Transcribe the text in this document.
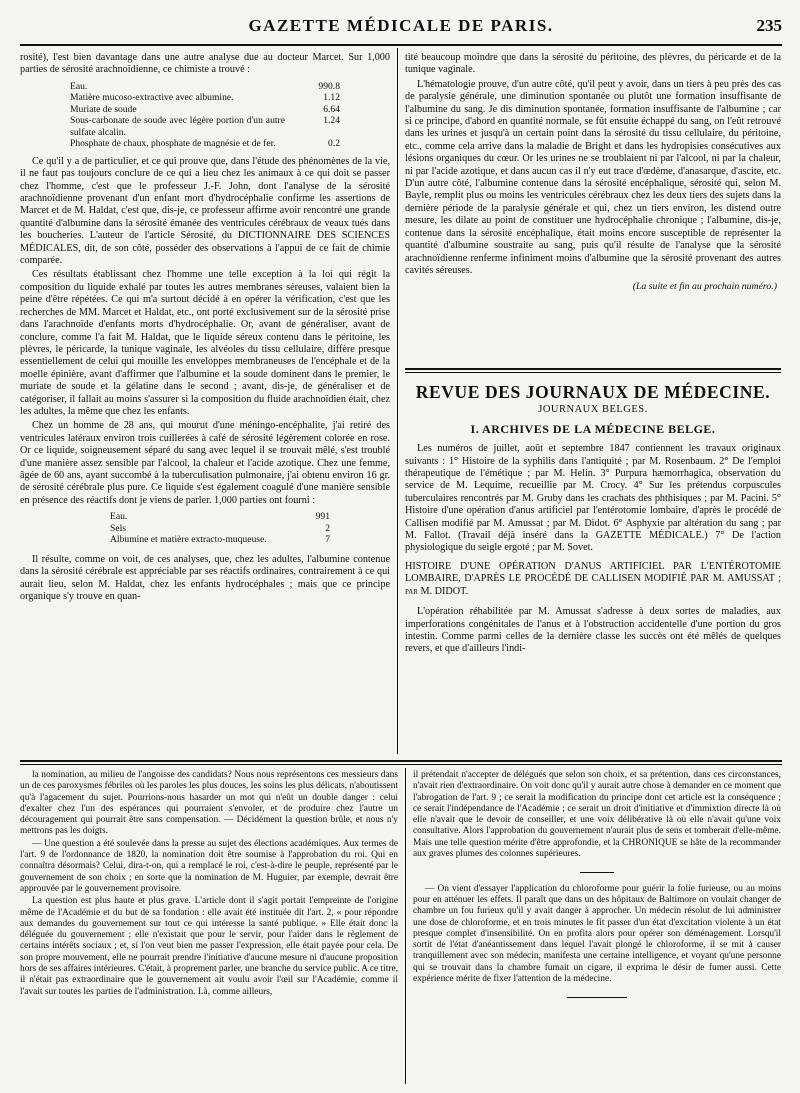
GAZETTE MÉDICALE DE PARIS.	235

rosité), l'est bien davantage dans une autre analyse due au docteur Marcet. Sur 1,000 parties de sérosité arachnoïdienne, ce chimiste a trouvé :

Eau.	990.8
Matière mucoso-extractive avec albumine.	1.12
Muriate de soude	6.64
Sous-carbonate de soude avec légère portion d'un autre sulfate alcalin.
1.24
Phosphate de chaux, phosphate de magnésie et de fer.	0.2

Ce qu'il y a de particulier, et ce qui prouve que, dans l'étude des phénomènes de la vie, il ne faut pas toujours conclure de ce qui a lieu chez les animaux à ce qui doit se passer chez l'homme, c'est que le professeur J.-F. John, dont l'analyse de la sérosité arachnoïdienne provenant d'un enfant mort d'hydrocéphalie confirme les assertions de Marcet et de M. Haldat, c'est que, dis-je, ce professeur affirme avoir rencontré une grande quantité d'albumine dans la sérosité émanée des ventricules cérébraux de veaux tués dans les boucheries. L'auteur de l'article Sérosité, du DICTIONNAIRE DES SCIENCES MÉDICALES, dit, de son côté, posséder des observations à l'appui de ce fait de chimie comparée.

Ces résultats établissant chez l'homme une telle exception à la loi qui régit la composition du liquide exhalé par toutes les autres membranes séreuses, valaient bien la peine d'être répétées. Ce qui m'a surtout décidé à en opérer la vérification, c'est que les recherches de MM. Marcet et Haldat, etc., ont porté exclusivement sur de la sérosité prise dans l'arachnoïde d'enfants morts d'hydrocéphalie. Or, avant de généraliser, avant de conclure, comme l'a fait M. Haldat, que le liquide séreux contenu dans le péritoine, les plèvres, le péricarde, la tunique vaginale, les alvéoles du tissu cellulaire, diffère presque essentiellement de celui qui mouille les enveloppes membraneuses de l'encéphale et de la moelle épinière, avant d'affirmer que l'albumine et la soude dominent dans le premier, le muriate de soude et la gélatine dans le second ; avant, dis-je, de généraliser et de catégoriser, il fallait au moins s'assurer si la composition du fluide arachnoïdien était, chez les adultes, la même que chez les enfants.

Chez un homme de 28 ans, qui mourut d'une méningo-encéphalite, j'ai retiré des ventricules latéraux environ trois cuillerées à café de sérosité légèrement colorée en rose. Or ce liquide, soigneusement séparé du sang avec lequel il se trouvait mêlé, s'est troublé d'une manière assez sensible par l'alcool, la chaleur et l'acide azotique. Chez une femme, âgée de 60 ans, ayant succombé à la tuberculisation pulmonaire, j'ai obtenu environ 16 gr. de sérosité cérébrale plus pure. Ce liquide s'est également coagulé d'une manière sensible en présence des réactifs dont je viens de parler. 1,000 parties ont fourni :

Eau.	991
Sels	2
Albumine et matière extracto-muqueuse.	7

Il résulte, comme on voit, de ces analyses, que, chez les adultes, l'albumine contenue dans la sérosité cérébrale est appréciable par ses réactifs ordinaires, contrairement à ce qui aurait lieu, selon M. Haldat, chez les enfants hydrocéphales ; mais que ce principe organique s'y trouve en quan-

tité beaucoup moindre que dans la sérosité du péritoine, des plèvres, du péricarde et de la tunique vaginale.

L'hématologie prouve, d'un autre côté, qu'il peut y avoir, dans un tiers à peu près des cas de paralysie générale, une diminution spontanée ou plutôt une formation insuffisante de l'albumine du sang. Je dis diminution spontanée, formation insuffisante de l'albumine ; car si ce principe, d'abord en quantité normale, se fût ensuite échappé du sang, on l'eût retrouvé dans les urines et jusqu'à un certain point dans la sérosité du tissu cellulaire, du péritoine, etc., comme cela arrive dans la maladie de Bright et dans les hydropisies consécutives aux lésions organiques du cœur. Or les urines ne se troublaient ni par l'alcool, ni par la chaleur, ni par l'acide azotique, et dans aucun cas il n'y eut trace d'œdème, d'anasarque, d'ascite, etc. D'un autre côté, l'albumine contenue dans la sérosité encéphalique, sérosité qui, selon M. Bayle, remplit plus ou moins les ventricules cérébraux chez les deux tiers des sujets dans la dernière période de la paralysie générale et qui, chez un tiers environ, les distend outre mesure, les dilate au point de constituer une hydrocéphalie chronique ; l'albumine, dis-je, contenue dans la sérosité encéphalique, était moins encore susceptible de représenter la quantité d'albumine soustraite au sang, puis qu'il résulte de l'analyse que la sérosité arachnoïdienne renferme infiniment moins d'albumine que la sérosité provenant des autres cavités séreuses.

(La suite et fin au prochain numéro.)
REVUE DES JOURNAUX DE MÉDECINE.
JOURNAUX BELGES.
I. ARCHIVES DE LA MÉDECINE BELGE.

Les numéros de juillet, août et septembre 1847 contiennent les travaux originaux suivants : 1° Histoire de la syphilis dans l'antiquité ; par M. Rosenbaum. 2° De l'emploi thérapeutique de l'émétique ; par M. Helin. 3° Purpura hæmorrhagica, observation du service de M. Lequime, recueillie par M. Crocy. 4° Sur les prétendus corpuscules tuberculaires rencontrés par M. Gruby dans les crachats des phthisiques ; par M. Pacini. 5° Histoire d'une opération d'anus artificiel par l'entérotomie lombaire, d'après le procédé de Callisen modifié par M. Amussat ; par M. Didot. 6° Asphyxie par altération du sang ; par M. Fallot. (Travail déjà inséré dans la GAZETTE MÉDICALE.) 7° De l'action physiologique du seigle ergoté ; par M. Sovet.

HISTOIRE D'UNE OPÉRATION D'ANUS ARTIFICIEL PAR L'ENTÉROTOMIE LOMBAIRE, D'APRÈS LE PROCÉDÉ DE CALLISEN MODIFIÉ PAR M. AMUSSAT ; par M. DIDOT.

L'opération réhabilitée par M. Amussat s'adresse à deux sortes de maladies, aux imperforations congénitales de l'anus et à l'obstruction accidentelle d'une portion du gros intestin. Comme parmi celles de la dernière classe les succès ont été mêlés de quelques revers, et que d'ailleurs l'indi-

la nomination, au milieu de l'angoisse des candidats? Nous nous représentons ces messieurs dans un de ces paroxysmes fébriles où les paroles les plus douces, les soins les plus délicats, n'aboutissent qu'à l'agacement du sujet. Pourrions-nous hasarder un mot qui n'eût un double danger : celui d'exalter chez l'un des espérances qui pourraient s'envoler, et de produire chez l'autre un découragement qui pourrait être sans compensation. — Décidément la question brûle, et nous n'y mettrons pas les doigts.

— Une question a été soulevée dans la presse au sujet des élections académiques. Aux termes de l'art. 9 de l'ordonnance de 1820, la nomination doit être soumise à l'approbation du roi. Qui en connaîtra désormais? Celui, dira-t-on, qui a remplacé le roi, c'est-à-dire le peuple, représenté par le gouvernement de son choix ; en sorte que la nomination de M. Huguier, par exemple, devrait être approuvée par le gouvernement provisoire.

La question est plus haute et plus grave. L'article dont il s'agit portait l'empreinte de l'origine même de l'Académie et du but de sa fondation : elle avait été instituée dit l'art. 2, « pour répondre aux demandes du gouvernement sur tout ce qui intéresse la santé publique. » Elle était donc la déléguée du gouvernement ; elle n'existait que pour le servir, pour l'aider dans le règlement de certains intérêts sociaux ; et, si l'on veut bien me passer l'expression, elle était payée pour cela. De son propre mouvement, elle ne pourrait prendre l'initiative d'aucune mesure ni d'aucune proposition hors de ses affaires intérieures. C'était, à proprement parler, une branche du service public. A ce titre, il n'était pas extraordinaire que le gouvernement ait voulu avoir l'œil sur l'Académie, comme il l'avait sur toutes les parties de l'administration. Là, comme ailleurs,

il prétendait n'accepter de délégués que selon son choix, et sa prétention, dans ces circonstances, n'avait rien d'extraordinaire. On voit donc qu'il y aurait autre chose à demander en ce moment que l'abrogation de l'art. 9 ; ce serait la modification du principe dont cet article est la conséquence ; ce serait l'indépendance de l'Académie ; ce serait un droit d'initiative et d'immixtion directe là où elle n'avait que le devoir de conseiller, et une voix délibérative là où elle n'avait qu'une voix consultative. Alors l'approbation du gouvernement n'aurait plus de sens et tomberait d'elle-même. Mais une telle question mérite d'être approfondie, et la CHRONIQUE se hâte de la recommander aux graves plumes des colonnes supérieures.

— On vient d'essayer l'application du chloroforme pour guérir la folie furieuse, ou au moins pour en atténuer les effets. Il paraît que dans un des hôpitaux de Baltimore on voulait changer de chambre un fou furieux qu'il y avait danger à approcher. Un médecin résolut de lui administrer une dose de chloroforme, et en trois minutes le fit passer d'un état d'excitation violente à un état presque complet d'insensibilité. On en profita alors pour opérer son déménagement. Lorsqu'il sortit de l'état d'anéantissement dans lequel l'avait plongé le chloroforme, il se mit à causer tranquillement avec son médecin, manifesta une certaine intelligence, et voyant qu'une personne qui se trouvait dans la chambre fumait un cigare, il exprima le désir de fumer aussi. Cette expérience mérite de fixer l'attention de la médecine.
